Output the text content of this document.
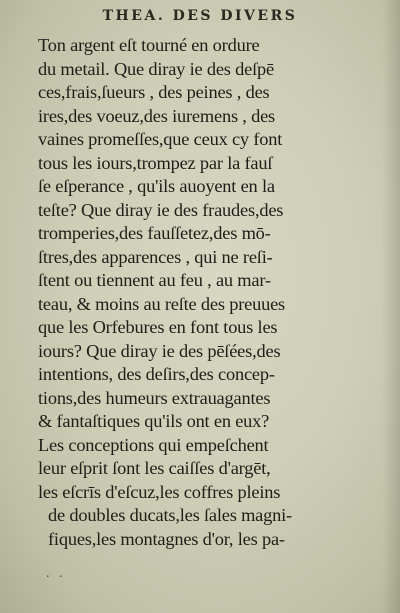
THEA. DES DIVERS
Ton argent eſt tourné en ordure
du metail. Que diray ie des deſpē
ces,frais,ſueurs , des peines , des
ires,des voeuz,des iuremens , des
vaines promeſſes,que ceux cy font
tous les iours,trompez par la fauſ
ſe eſperance , qu'ils auoyent en la
teſte? Que diray ie des fraudes,des
tromperies,des fauſſetez,des mō-
ſtres,des apparences , qui ne reſi-
ſtent ou tiennent au feu , au mar-
teau, & moins au reſte des preuues
que les Orfebures en font tous les
iours? Que diray ie des pēſées,des
intentions, des deſirs,des concep-
tions,des humeurs extrauagantes
& fantaſtiques qu'ils ont en eux?
Les conceptions qui empeſchent
leur eſprit ſont les caiſſes d'argēt,
les eſcrīs d'eſcuz,les coffres pleins
de doubles ducats,les ſales magni-
fiques,les montagnes d'or, les pa-
. .
